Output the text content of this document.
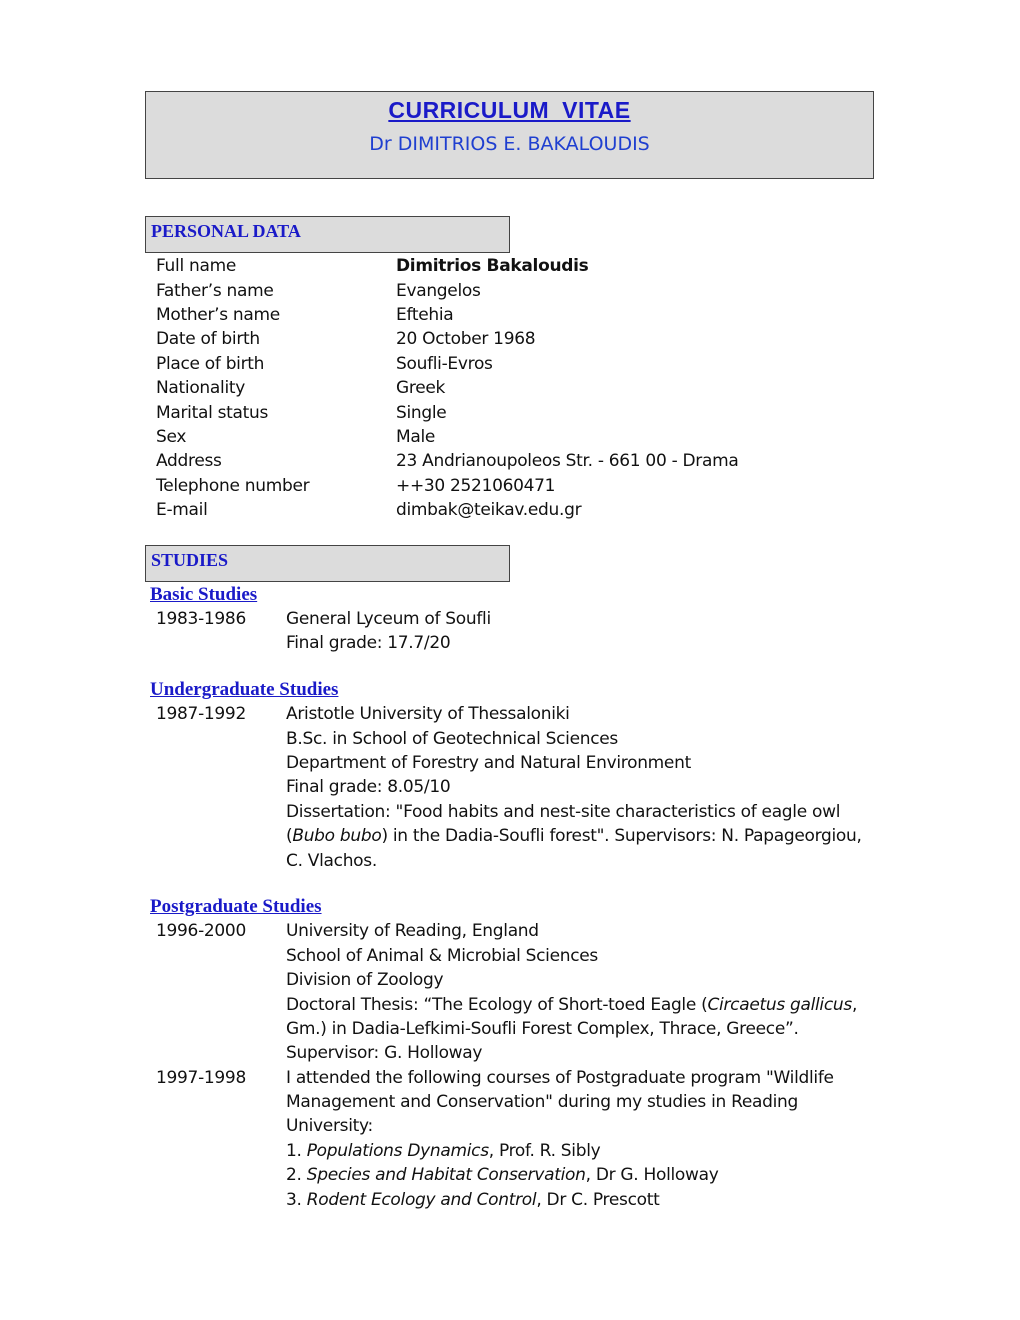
CURRICULUM VITAE
Dr DIMITRIOS E. BAKALOUDIS
PERSONAL DATA
Full name	Dimitrios Bakaloudis
Father’s name	Evangelos
Mother’s name	Eftehia
Date of birth	20 October 1968
Place of birth	Soufli-Evros
Nationality	Greek
Marital status	Single
Sex	Male
Address	23 Andrianoupoleos Str. - 661 00 - Drama
Telephone number	++30 2521060471
E-mail	dimbak@teikav.edu.gr
STUDIES
Basic Studies
1983-1986 General Lyceum of Soufli
Final grade: 17.7/20
Undergraduate Studies
1987-1992 Aristotle University of Thessaloniki
B.Sc. in School of Geotechnical Sciences
Department of Forestry and Natural Environment
Final grade: 8.05/10
Dissertation: "Food habits and nest-site characteristics of eagle owl
(Bubo bubo) in the Dadia-Soufli forest". Supervisors: N. Papageorgiou,
C. Vlachos.
Postgraduate Studies
1996-2000 University of Reading, England
School of Animal & Microbial Sciences
Division of Zoology
Doctoral Thesis: “The Ecology of Short-toed Eagle (Circaetus gallicus,
Gm.) in Dadia-Lefkimi-Soufli Forest Complex, Thrace, Greece”.
Supervisor: G. Holloway
1997-1998 I attended the following courses of Postgraduate program "Wildlife
Management and Conservation" during my studies in Reading
University:
1. Populations Dynamics, Prof. R. Sibly
2. Species and Habitat Conservation, Dr G. Holloway
3. Rodent Ecology and Control, Dr C. Prescott
